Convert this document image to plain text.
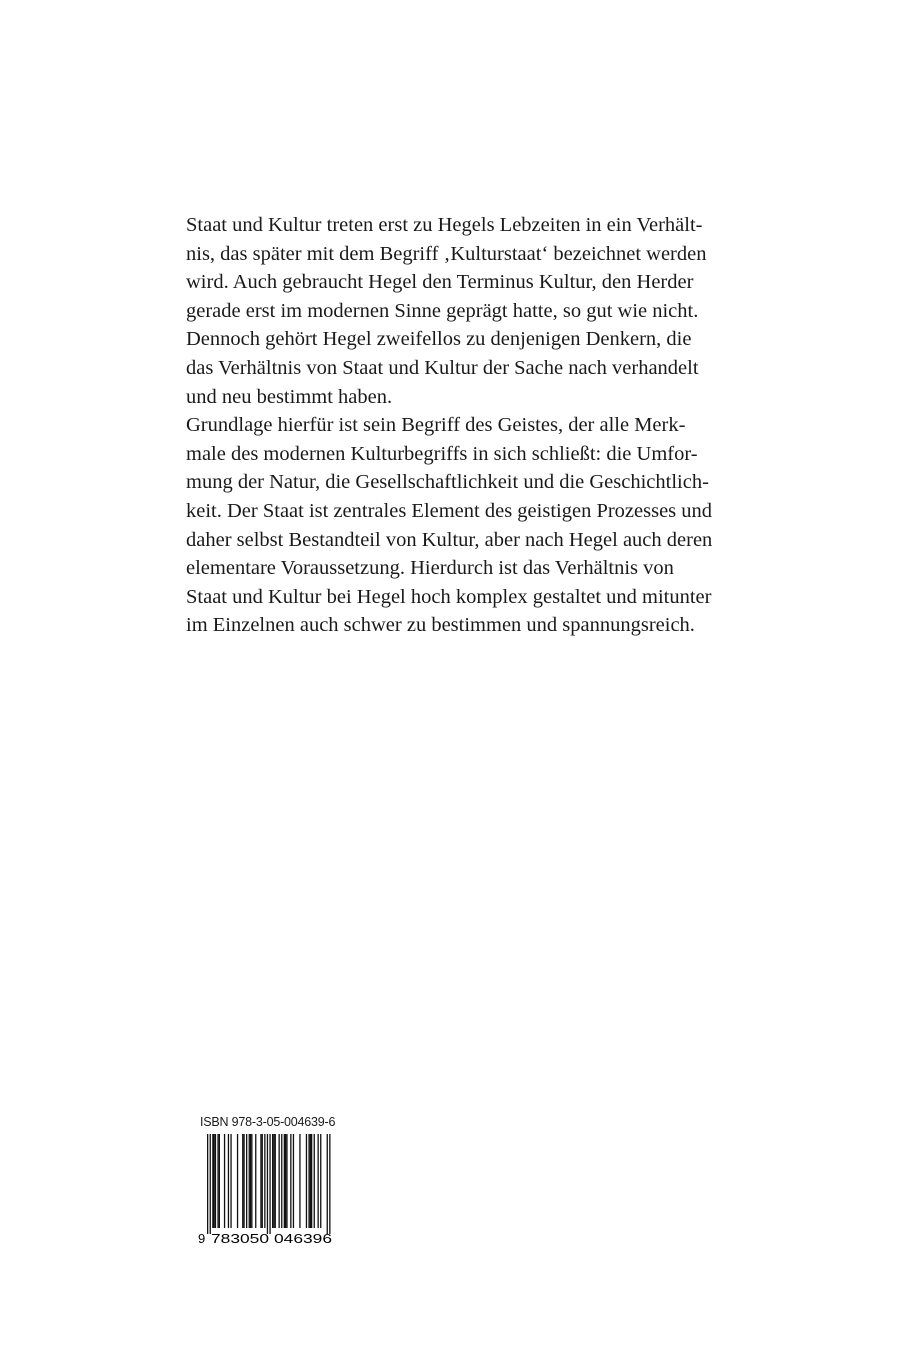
Staat und Kultur treten erst zu Hegels Lebzeiten in ein Verhält-
nis, das später mit dem Begriff ‚Kulturstaat‘ bezeichnet werden
wird. Auch gebraucht Hegel den Terminus Kultur, den Herder
gerade erst im modernen Sinne geprägt hatte, so gut wie nicht.
Dennoch gehört Hegel zweifellos zu denjenigen Denkern, die
das Verhältnis von Staat und Kultur der Sache nach verhandelt
und neu bestimmt haben.
Grundlage hierfür ist sein Begriff des Geistes, der alle Merk-
male des modernen Kulturbegriffs in sich schließt: die Umfor-
mung der Natur, die Gesellschaftlichkeit und die Geschichtlich-
keit. Der Staat ist zentrales Element des geistigen Prozesses und
daher selbst Bestandteil von Kultur, aber nach Hegel auch deren
elementare Voraussetzung. Hierdurch ist das Verhältnis von
Staat und Kultur bei Hegel hoch komplex gestaltet und mitunter
im Einzelnen auch schwer zu bestimmen und spannungsreich.
ISBN 978-3-05-004639-6
9 783050 046396
